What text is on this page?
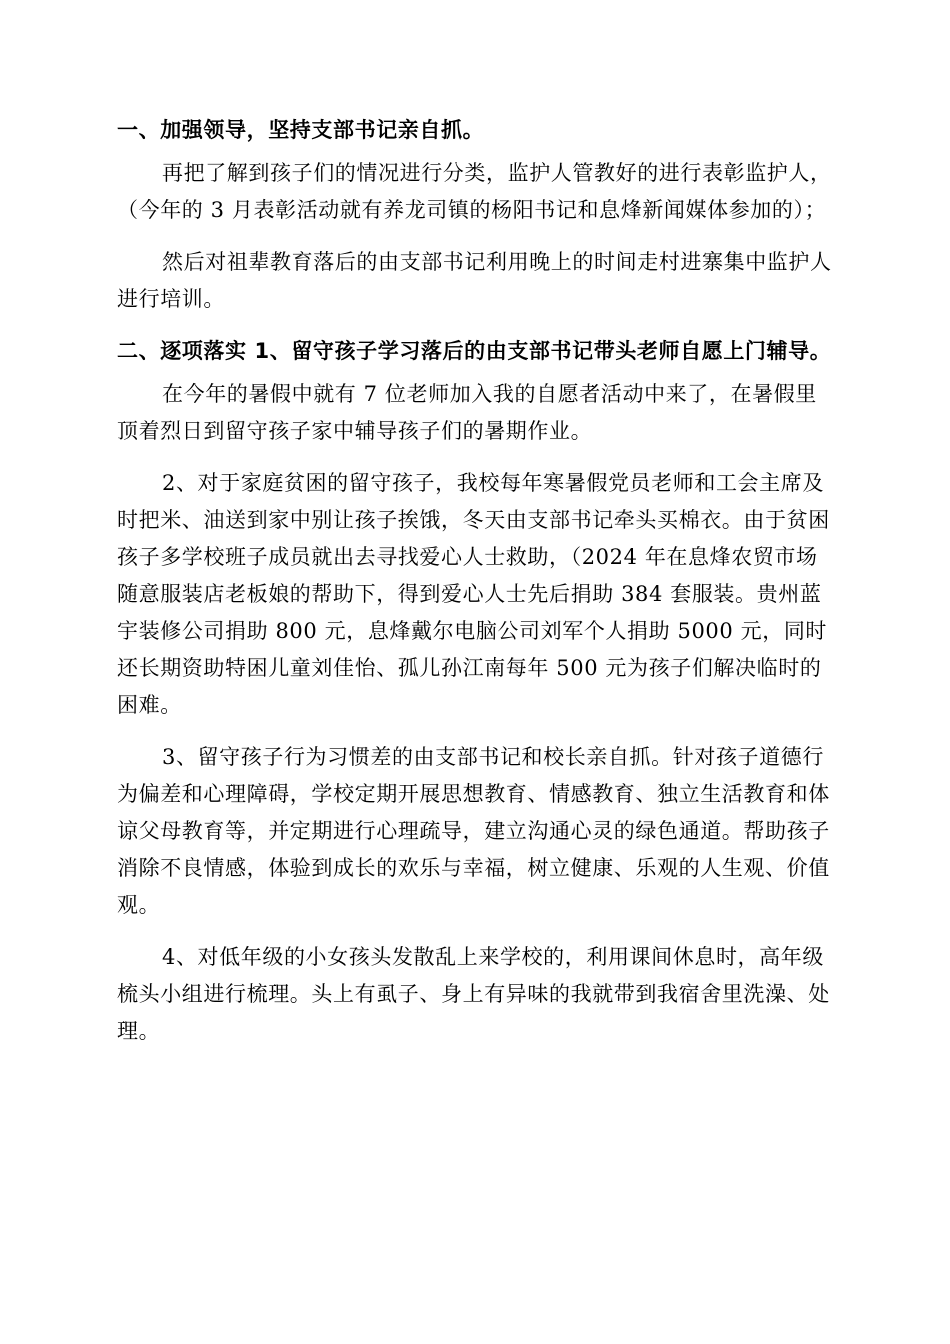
一、加强领导，坚持支部书记亲自抓。

再把了解到孩子们的情况进行分类，监护人管教好的进行表彰监护人，（今年的 3 月表彰活动就有养龙司镇的杨阳书记和息烽新闻媒体参加的）；

然后对祖辈教育落后的由支部书记利用晚上的时间走村进寨集中监护人进行培训。

二、逐项落实 1、留守孩子学习落后的由支部书记带头老师自愿上门辅导。

在今年的暑假中就有 7 位老师加入我的自愿者活动中来了，在暑假里顶着烈日到留守孩子家中辅导孩子们的暑期作业。

2、对于家庭贫困的留守孩子，我校每年寒暑假党员老师和工会主席及时把米、油送到家中别让孩子挨饿，冬天由支部书记牵头买棉衣。由于贫困孩子多学校班子成员就出去寻找爱心人士救助，（2024 年在息烽农贸市场随意服装店老板娘的帮助下，得到爱心人士先后捐助 384 套服装。贵州蓝宇装修公司捐助 800 元，息烽戴尔电脑公司刘军个人捐助 5000 元，同时还长期资助特困儿童刘佳怡、孤儿孙江南每年 500 元为孩子们解决临时的困难。

3、留守孩子行为习惯差的由支部书记和校长亲自抓。针对孩子道德行为偏差和心理障碍，学校定期开展思想教育、情感教育、独立生活教育和体谅父母教育等，并定期进行心理疏导，建立沟通心灵的绿色通道。帮助孩子消除不良情感，体验到成长的欢乐与幸福，树立健康、乐观的人生观、价值观。

4、对低年级的小女孩头发散乱上来学校的，利用课间休息时，高年级梳头小组进行梳理。头上有虱子、身上有异味的我就带到我宿舍里洗澡、处理。
